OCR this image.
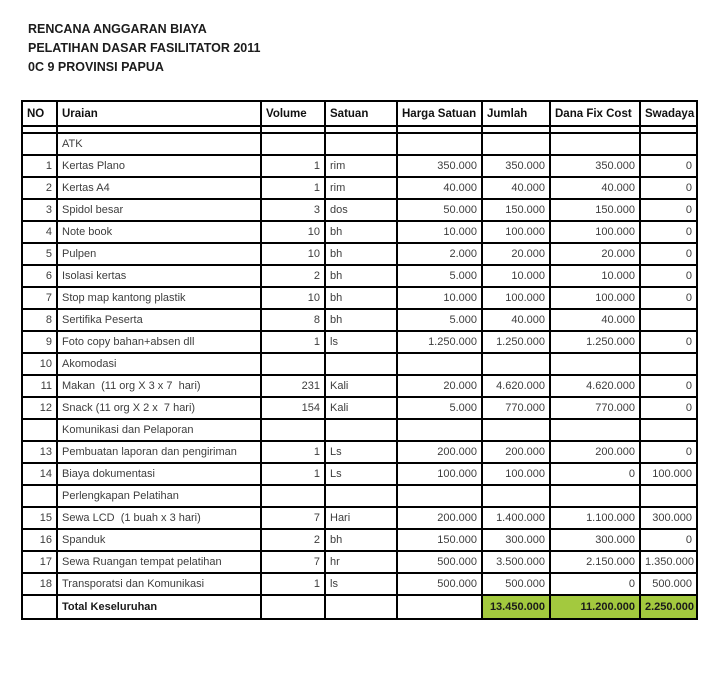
RENCANA ANGGARAN BIAYA
PELATIHAN DASAR FASILITATOR 2011
0C 9 PROVINSI PAPUA
NO	Uraian	Volume	Satuan	Harga Satuan	Jumlah	Dana Fix Cost	Swadaya

	ATK						
1	Kertas Plano	1	rim	350.000	350.000	350.000	0
2	Kertas A4	1	rim	40.000	40.000	40.000	0
3	Spidol besar	3	dos	50.000	150.000	150.000	0
4	Note book	10	bh	10.000	100.000	100.000	0
5	Pulpen	10	bh	2.000	20.000	20.000	0
6	Isolasi kertas	2	bh	5.000	10.000	10.000	0
7	Stop map kantong plastik	10	bh	10.000	100.000	100.000	0
8	Sertifika Peserta	8	bh	5.000	40.000	40.000	
9	Foto copy bahan+absen dll	1	ls	1.250.000	1.250.000	1.250.000	0
10	Akomodasi						
11	Makan  (11 org X 3 x 7  hari)	231	Kali	20.000	4.620.000	4.620.000	0
12	Snack (11 org X 2 x  7 hari)	154	Kali	5.000	770.000	770.000	0
	Komunikasi dan Pelaporan						
13	Pembuatan laporan dan pengiriman	1	Ls	200.000	200.000	200.000	0
14	Biaya dokumentasi	1	Ls	100.000	100.000	0	100.000
	Perlengkapan Pelatihan						
15	Sewa LCD  (1 buah x 3 hari)	7	Hari	200.000	1.400.000	1.100.000	300.000
16	Spanduk	2	bh	150.000	300.000	300.000	0
17	Sewa Ruangan tempat pelatihan	7	hr	500.000	3.500.000	2.150.000	1.350.000
18	Transporatsi dan Komunikasi	1	ls	500.000	500.000	0	500.000
	Total Keseluruhan				13.450.000	11.200.000	2.250.000
